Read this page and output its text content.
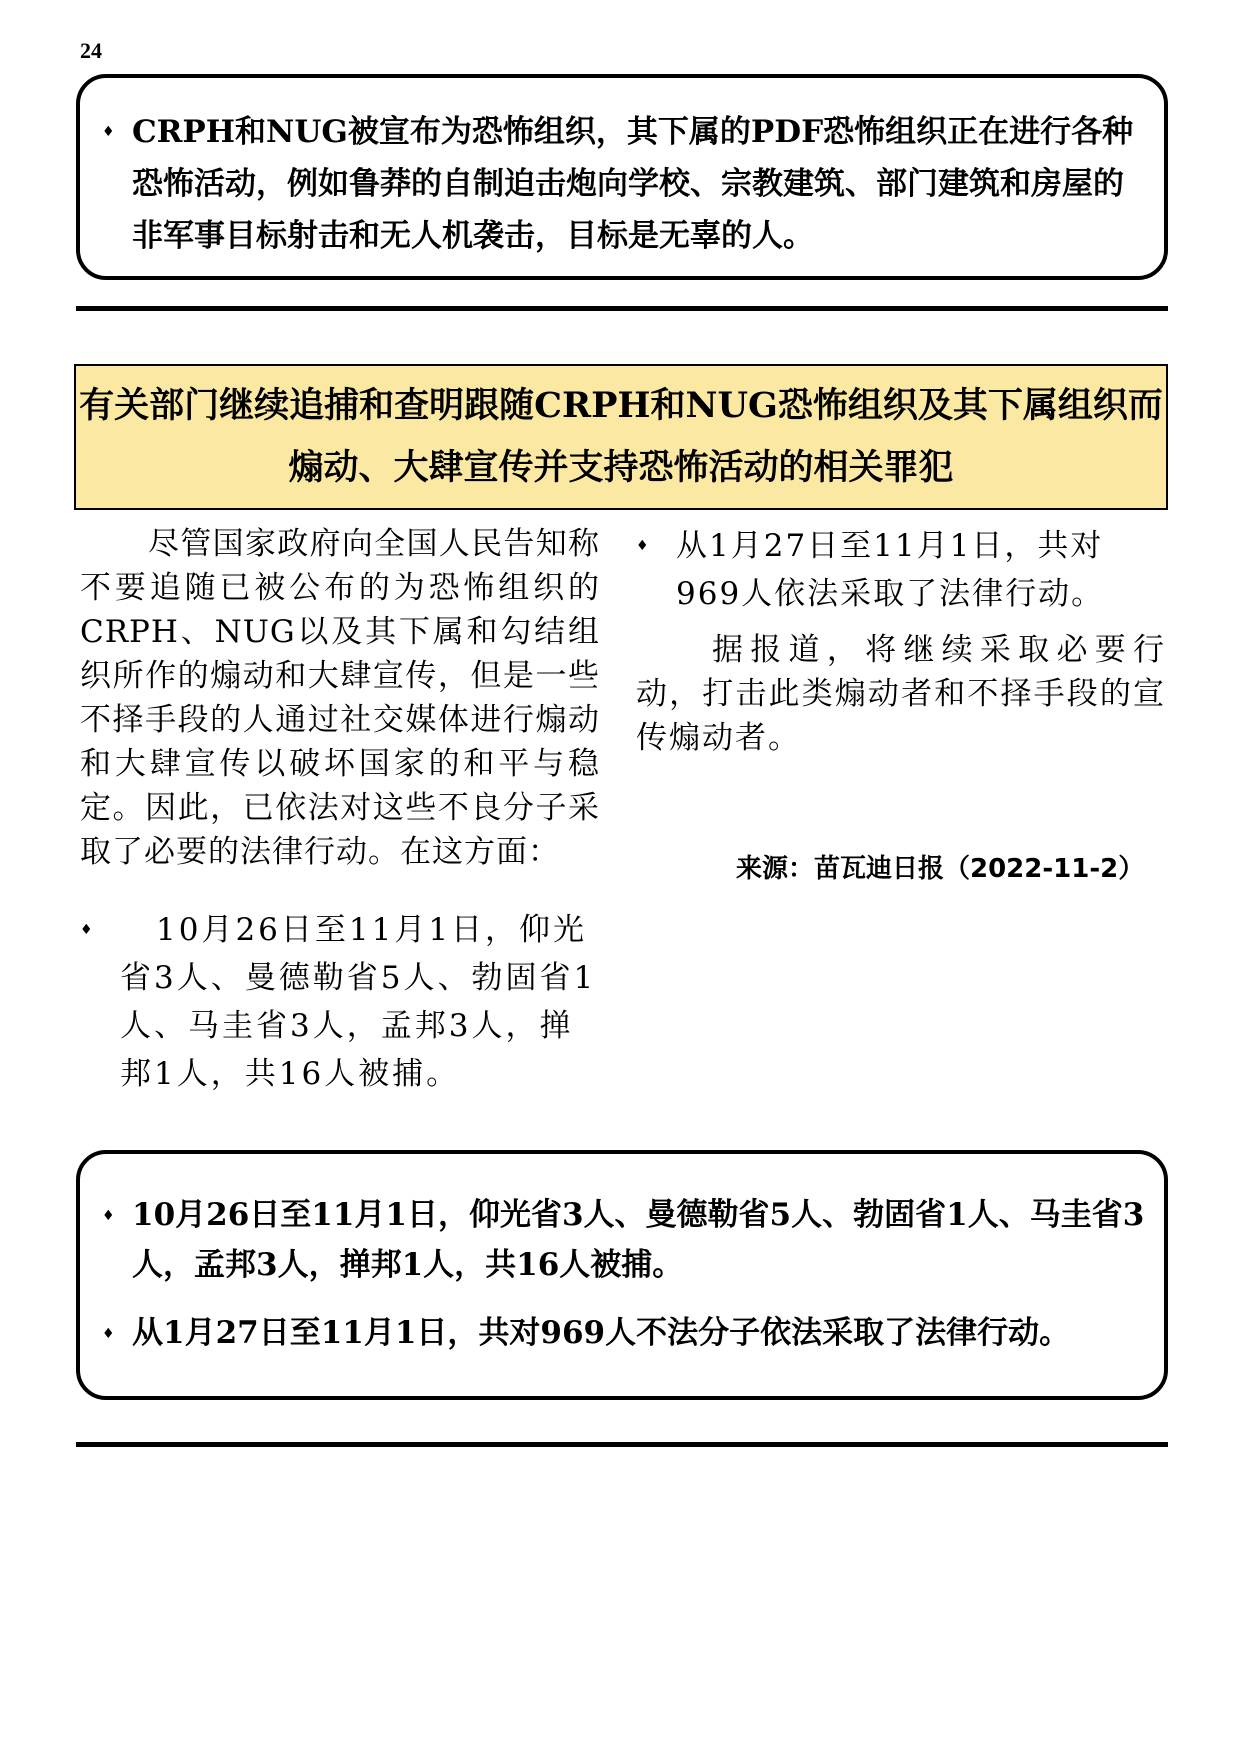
24
♦ CRPH和NUG被宣布为恐怖组织，其下属的PDF恐怖组织正在进行各种恐怖活动，例如鲁莽的自制迫击炮向学校、宗教建筑、部门建筑和房屋的非军事目标射击和无人机袭击，目标是无辜的人。
有关部门继续追捕和查明跟随CRPH和NUG恐怖组织及其下属组织而
煽动、大肆宣传并支持恐怖活动的相关罪犯

尽管国家政府向全国人民告知称不要追随已被公布的为恐怖组织的CRPH、NUG以及其下属和勾结组织所作的煽动和大肆宣传，但是一些不择手段的人通过社交媒体进行煽动和大肆宣传以破坏国家的和平与稳定。因此，已依法对这些不良分子采取了必要的法律行动。在这方面：

♦	10月26日至11月1日，仰光省3人、曼德勒省5人、勃固省1人、马圭省3人，孟邦3人，掸邦1人，共16人被捕。
♦ 从1月27日至11月1日，共对969人依法采取了法律行动。

据报道，将继续采取必要行动，打击此类煽动者和不择手段的宣传煽动者。

来源：苗瓦迪日报（2022-11-2）
♦ 10月26日至11月1日，仰光省3人、曼德勒省5人、勃固省1人、马圭省3人，孟邦3人，掸邦1人，共16人被捕。
♦ 从1月27日至11月1日，共对969人不法分子依法采取了法律行动。
